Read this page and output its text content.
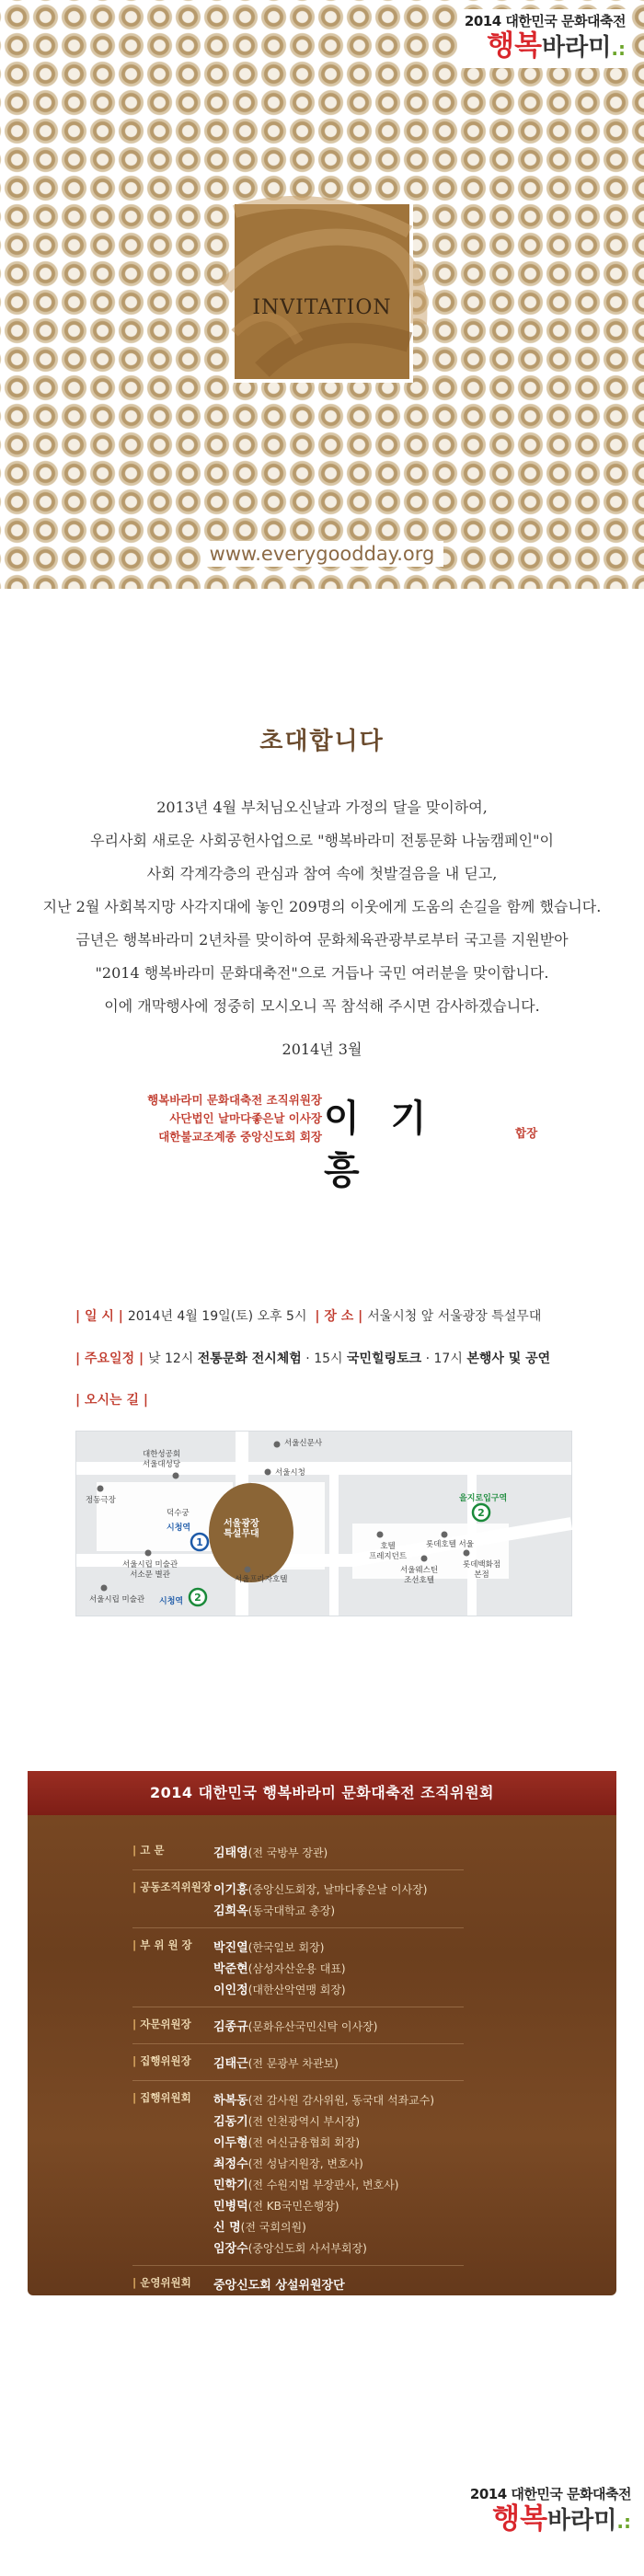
2014 대한민국 문화대축전
행복바라미.:
INVITATION
www.everygoodday.org
초대합니다
2013년 4월 부처님오신날과 가정의 달을 맞이하여,
우리사회 새로운 사회공헌사업으로 "행복바라미 전통문화 나눔캠페인"이
사회 각계각층의 관심과 참여 속에 첫발걸음을 내 딛고,
지난 2월 사회복지망 사각지대에 놓인 209명의 이웃에게 도움의 손길을 함께 했습니다.
금년은 행복바라미 2년차를 맞이하여 문화체육관광부로부터 국고를 지원받아
"2014 행복바라미 문화대축전"으로 거듭나 국민 여러분을 맞이합니다.
이에 개막행사에 정중히 모시오니 꼭 참석해 주시면 감사하겠습니다.
2014년 3월
행복바라미 문화대축전 조직위원장
사단법인 날마다좋은날 이사장
대한불교조계종 중앙신도회 회장 이기흥
합장
| 일 시 | 2014년 4월 19일(토) 오후 5시 | 장 소 | 서울시청 앞 서울광장 특설무대
| 주요일정 | 낮 12시 전통문화 전시체험 · 15시 국민힐링토크 · 17시 본행사 및 공연
| 오시는 길 |
1
2
2
정동극장
대한성공회
서울대성당
서울신문사
서울시청
덕수궁
서울광장
특설무대
시청역
을지로입구역
호텔
프레지던트
롯데호텔 서울
롯데백화점
본점
서울웨스틴
조선호텔
서울시립 미술관
서소문 별관	서울프라자호텔
시청역
서울시립 미술관
2014 대한민국 행복바라미 문화대축전 조직위원회
| 고 문	김태영(전 국방부 장관)
| 공동조직위원장 이기흥(중앙신도회장, 날마다좋은날 이사장)
김희옥(동국대학교 총장)
| 부 위 원 장	박진열(한국일보 회장)
박준현(삼성자산운용 대표)
이인정(대한산악연맹 회장)
| 자문위원장	김종규(문화유산국민신탁 이사장)
| 집행위원장	김태근(전 문광부 차관보)
| 집행위원회	하복동(전 감사원 감사위원, 동국대 석좌교수)
김동기(전 인천광역시 부시장)
이두형(전 여신금융협회 회장)
최정수(전 성남지원장, 변호사)
민학기(전 수원지법 부장판사, 변호사)
민병덕(전 KB국민은행장)
신 명(전 국회의원)
임장수(중앙신도회 사서부회장)
| 운영위원회	중앙신도회 상설위원장단
조계종 25개 교구신도회장단
전국단위 신도단체장단
2014 대한민국 문화대축전
행복바라미.:
